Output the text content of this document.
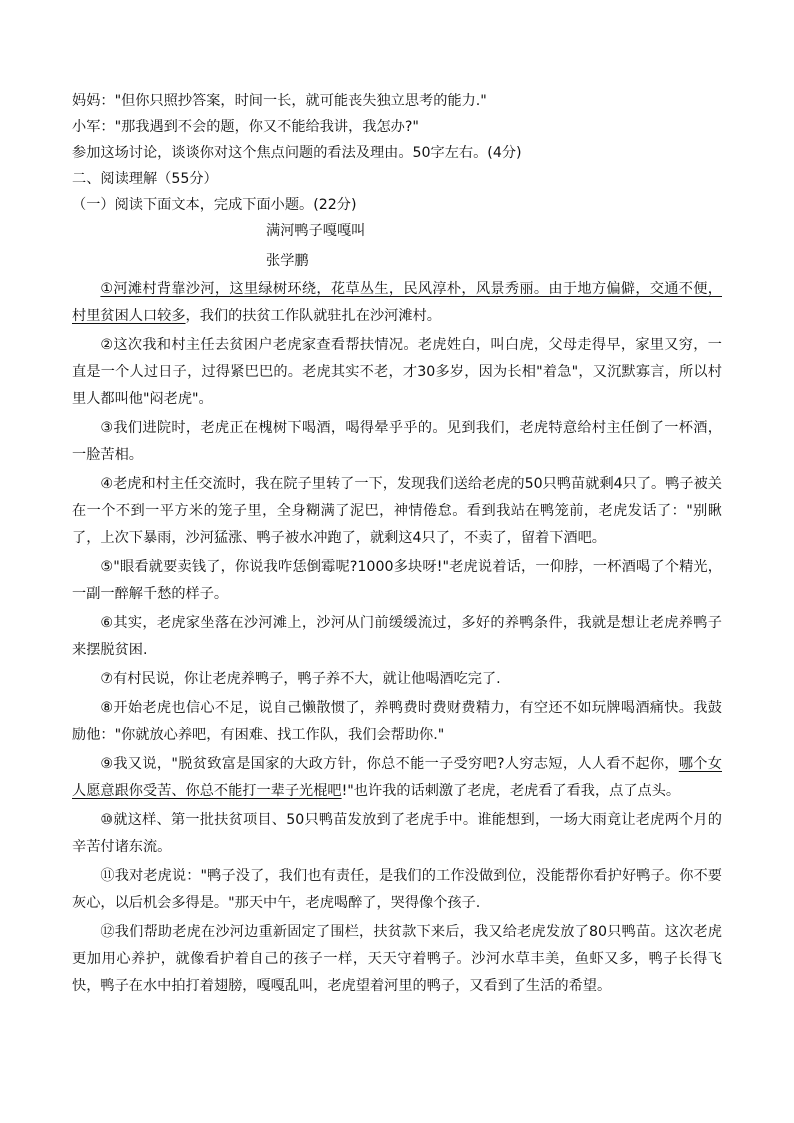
妈妈："但你只照抄答案，时间一长，就可能丧失独立思考的能力."
小军："那我遇到不会的题，你又不能给我讲，我怎办?"
参加这场讨论，谈谈你对这个焦点问题的看法及理由。50字左右。(4分)
二、阅读理解（55分）
（一）阅读下面文本，完成下面小题。(22分)
满河鸭子嘎嘎叫
张学鹏
①河滩村背靠沙河，这里绿树环绕，花草丛生，民风淳朴，风景秀丽。由于地方偏僻，交通不便，村里贫困人口较多，我们的扶贫工作队就驻扎在沙河滩村。
②这次我和村主任去贫困户老虎家查看帮扶情况。老虎姓白，叫白虎，父母走得早，家里又穷，一直是一个人过日子，过得紧巴巴的。老虎其实不老，才30多岁，因为长相"着急"，又沉默寡言，所以村里人都叫他"闷老虎"。
③我们进院时，老虎正在槐树下喝酒，喝得晕乎乎的。见到我们，老虎特意给村主任倒了一杯酒，一脸苦相。
④老虎和村主任交流时，我在院子里转了一下，发现我们送给老虎的50只鸭苗就剩4只了。鸭子被关在一个不到一平方米的笼子里，全身糊满了泥巴，神情倦怠。看到我站在鸭笼前，老虎发话了："别瞅了，上次下暴雨，沙河猛涨、鸭子被水冲跑了，就剩这4只了，不卖了，留着下酒吧。
⑤"眼看就要卖钱了，你说我咋恁倒霉呢?1000多块呀!"老虎说着话，一仰脖，一杯酒喝了个精光，一副一醉解千愁的样子。
⑥其实，老虎家坐落在沙河滩上，沙河从门前缓缓流过，多好的养鸭条件，我就是想让老虎养鸭子来摆脱贫困.
⑦有村民说，你让老虎养鸭子，鸭子养不大，就让他喝酒吃完了.
⑧开始老虎也信心不足，说自己懒散惯了，养鸭费时费财费精力，有空还不如玩牌喝酒痛快。我鼓励他："你就放心养吧，有困难、找工作队，我们会帮助你."
⑨我又说，"脱贫致富是国家的大政方针，你总不能一子受穷吧?人穷志短，人人看不起你，哪个女人愿意跟你受苦、你总不能打一辈子光棍吧!"也许我的话刺激了老虎，老虎看了看我，点了点头。
⑩就这样、第一批扶贫项目、50只鸭苗发放到了老虎手中。谁能想到，一场大雨竟让老虎两个月的辛苦付诸东流。
⑪我对老虎说："鸭子没了，我们也有责任，是我们的工作没做到位，没能帮你看护好鸭子。你不要灰心，以后机会多得是。"那天中午，老虎喝醉了，哭得像个孩子.
⑫我们帮助老虎在沙河边重新固定了围栏，扶贫款下来后，我又给老虎发放了80只鸭苗。这次老虎更加用心养护，就像看护着自己的孩子一样，天天守着鸭子。沙河水草丰美，鱼虾又多，鸭子长得飞快，鸭子在水中拍打着翅膀，嘎嘎乱叫，老虎望着河里的鸭子，又看到了生活的希望。
